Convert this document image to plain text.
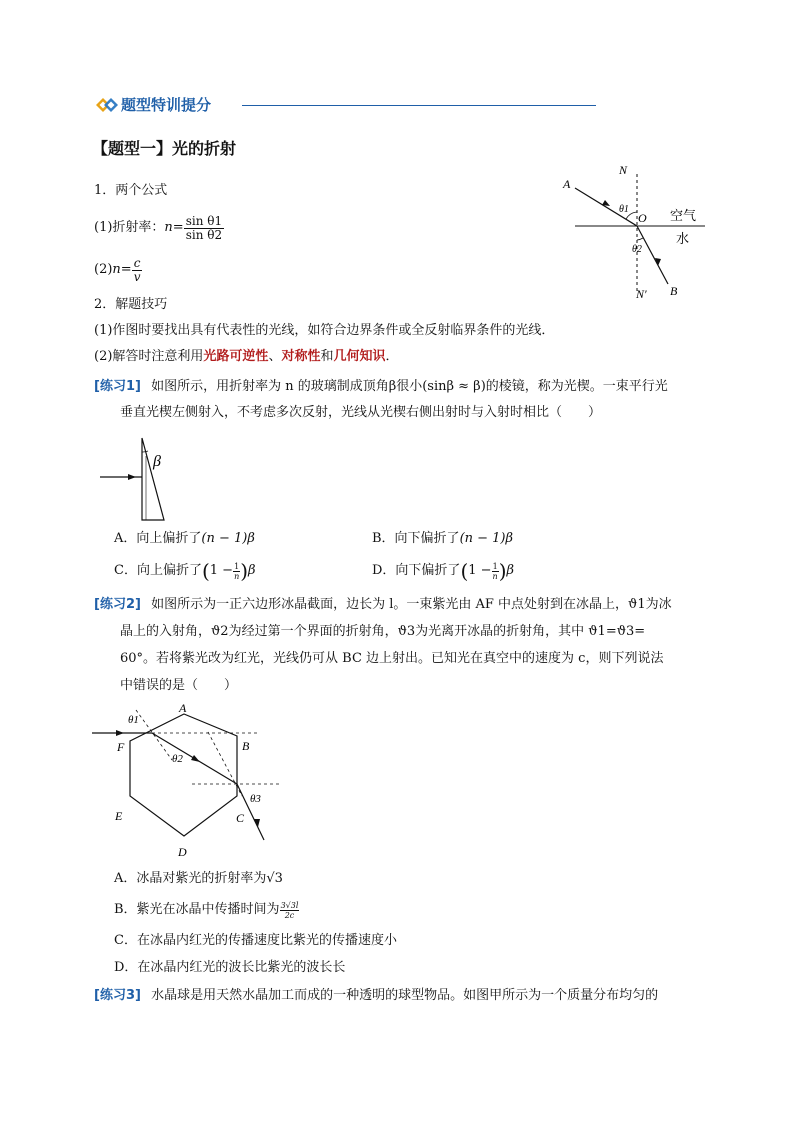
题型特训提分
【题型一】光的折射
1．两个公式
(1)折射率： $n = \frac{\text{sin θ1}}{\text{sin θ2}}$
(2) $n = \frac{c}{v}$
2．解题技巧
(1)作图时要找出具有代表性的光线，如符合边界条件或全反射临界条件的光线．
(2)解答时注意利用光路可逆性、对称性和几何知识．
A
N
θ1
O 空气
水
θ2
N′ B
[练习1] 如图所示，用折射率为 n 的玻璃制成顶角β很小(sinβ ≈ β)的棱镜，称为光楔。一束平行光
垂直光楔左侧射入，不考虑多次反射，光线从光楔右侧出射时与入射时相比（　　）
β
A．向上偏折了(n − 1)β	B．向下偏折了(n − 1)β
C．向上偏折了 ( $1 - \frac{1}{n}$ ) β	D．向下偏折了 ( $1 - \frac{1}{n}$ ) β
[练习2] 如图所示为一正六边形冰晶截面，边长为 l。一束紫光由 AF 中点处射到在冰晶上，ϑ1为冰
晶上的入射角，ϑ2为经过第一个界面的折射角，ϑ3为光离开冰晶的折射角，其中 ϑ1=ϑ3=
60°。若将紫光改为红光，光线仍可从 BC 边上射出。已知光在真空中的速度为 c，则下列说法
中错误的是（　　）
θ1
A
B
F
θ2
θ3
E	C
D
A．冰晶对紫光的折射率为√3
B．紫光在冰晶中传播时间为 $\frac{3√3l}{2c}$
C．在冰晶内红光的传播速度比紫光的传播速度小
D．在冰晶内红光的波长比紫光的波长长
[练习3] 水晶球是用天然水晶加工而成的一种透明的球型物品。如图甲所示为一个质量分布均匀的
